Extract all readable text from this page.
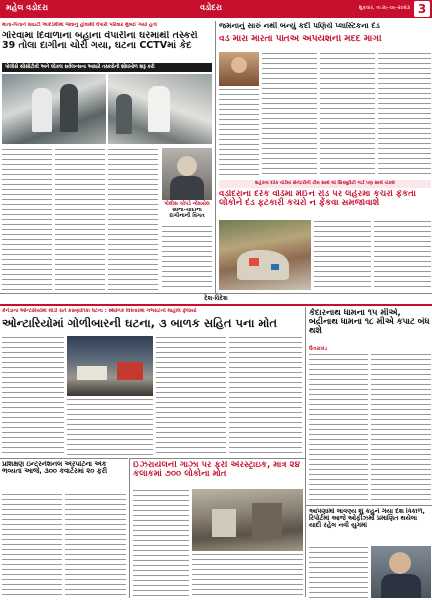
મહેલ વડોદરા	વડોદરા	શુક્રવાર, તા.૨૯-૦૯-૨૦૨૩ 3
માતા-પિતાને સાઇટી અકેડેમીમાં જવાનું હોવાથી વેપારી પરિવાર મુંબઈ ગયો હતો
ગોરવામાં દિવાળાના બહાના વેપારીના ઘરમાંથી તસ્કરો 39 તોલા દાગીના ચોરી ગયા, ઘટના CCTVમાં કેદ
પોલીસે સીસીટીવી અને લોકલ સર્વેલન્સના આધારે તસ્કરોની શોધખોળ શરૂ કરી
પોલીસ ચોપડે નોંધાયેલ
સોના-ચાંદીના દાગીનાની વિગત
જમનાનું સારું નથી બન્યું કદી પણિયે પ્લાસ્ટિકના દંડ
વડે મારા મારતા પતિએ અપયશની મદદ માંગી
શહેરના દરેક વોર્ડમાં સેનેટરીની ટીમ સાથે લો સિક્યુરિટી ગાર્ડ પણ સાથે ચેકશે
વડોદરાના દરેક વોર્ડમાં મેઈન રોડ પર લહેરમાં કચરો ફેંકતા લોકોને દંડ ફટકારી કચરો ન ફેંકવા સમજાવાશે
દેશ-વિદેશ
કેનેડાના ઓન્ટારિયોમાં મોડી રાતે કરુણાંતિકા ઘટના : સ્થાનિક વિસ્તારમાં ગભરાટનો માહોલ ફેલાયો
ઓન્ટારિયોમાં ગોળીબારની ઘટના, ૩ બાળક સહિત પના મોત
કેદારનાથ ધામના ૧૫ મીએ, બદ્રીનાથ ધામના ૧૮ મીએ કપાટ બંધ થશે
ઉત્તરાખંડ
પ્રશિક્ષણ ઇન્ટરનેશનલ એરપોર્ટના એક ભવ્યતા આજે, ૩૦૦ કવાર્ટરમાં ૨૦ ફરી
ઈઝરાયેલની ગાઝા પર ફરી એરસ્ટ્રાઇક, માત્ર ૨૪ કલાકમાં ૭૦૦ લોકોના મોત
આપણામાં લાવણ્ય શું કહુને ગયા દેશ ત્રિકાળ, રિપોર્ટમાં આજે ઓફીઝમાં પ્રમાણિત થયેલા યાદી રહેલ નવી યુગમાં
